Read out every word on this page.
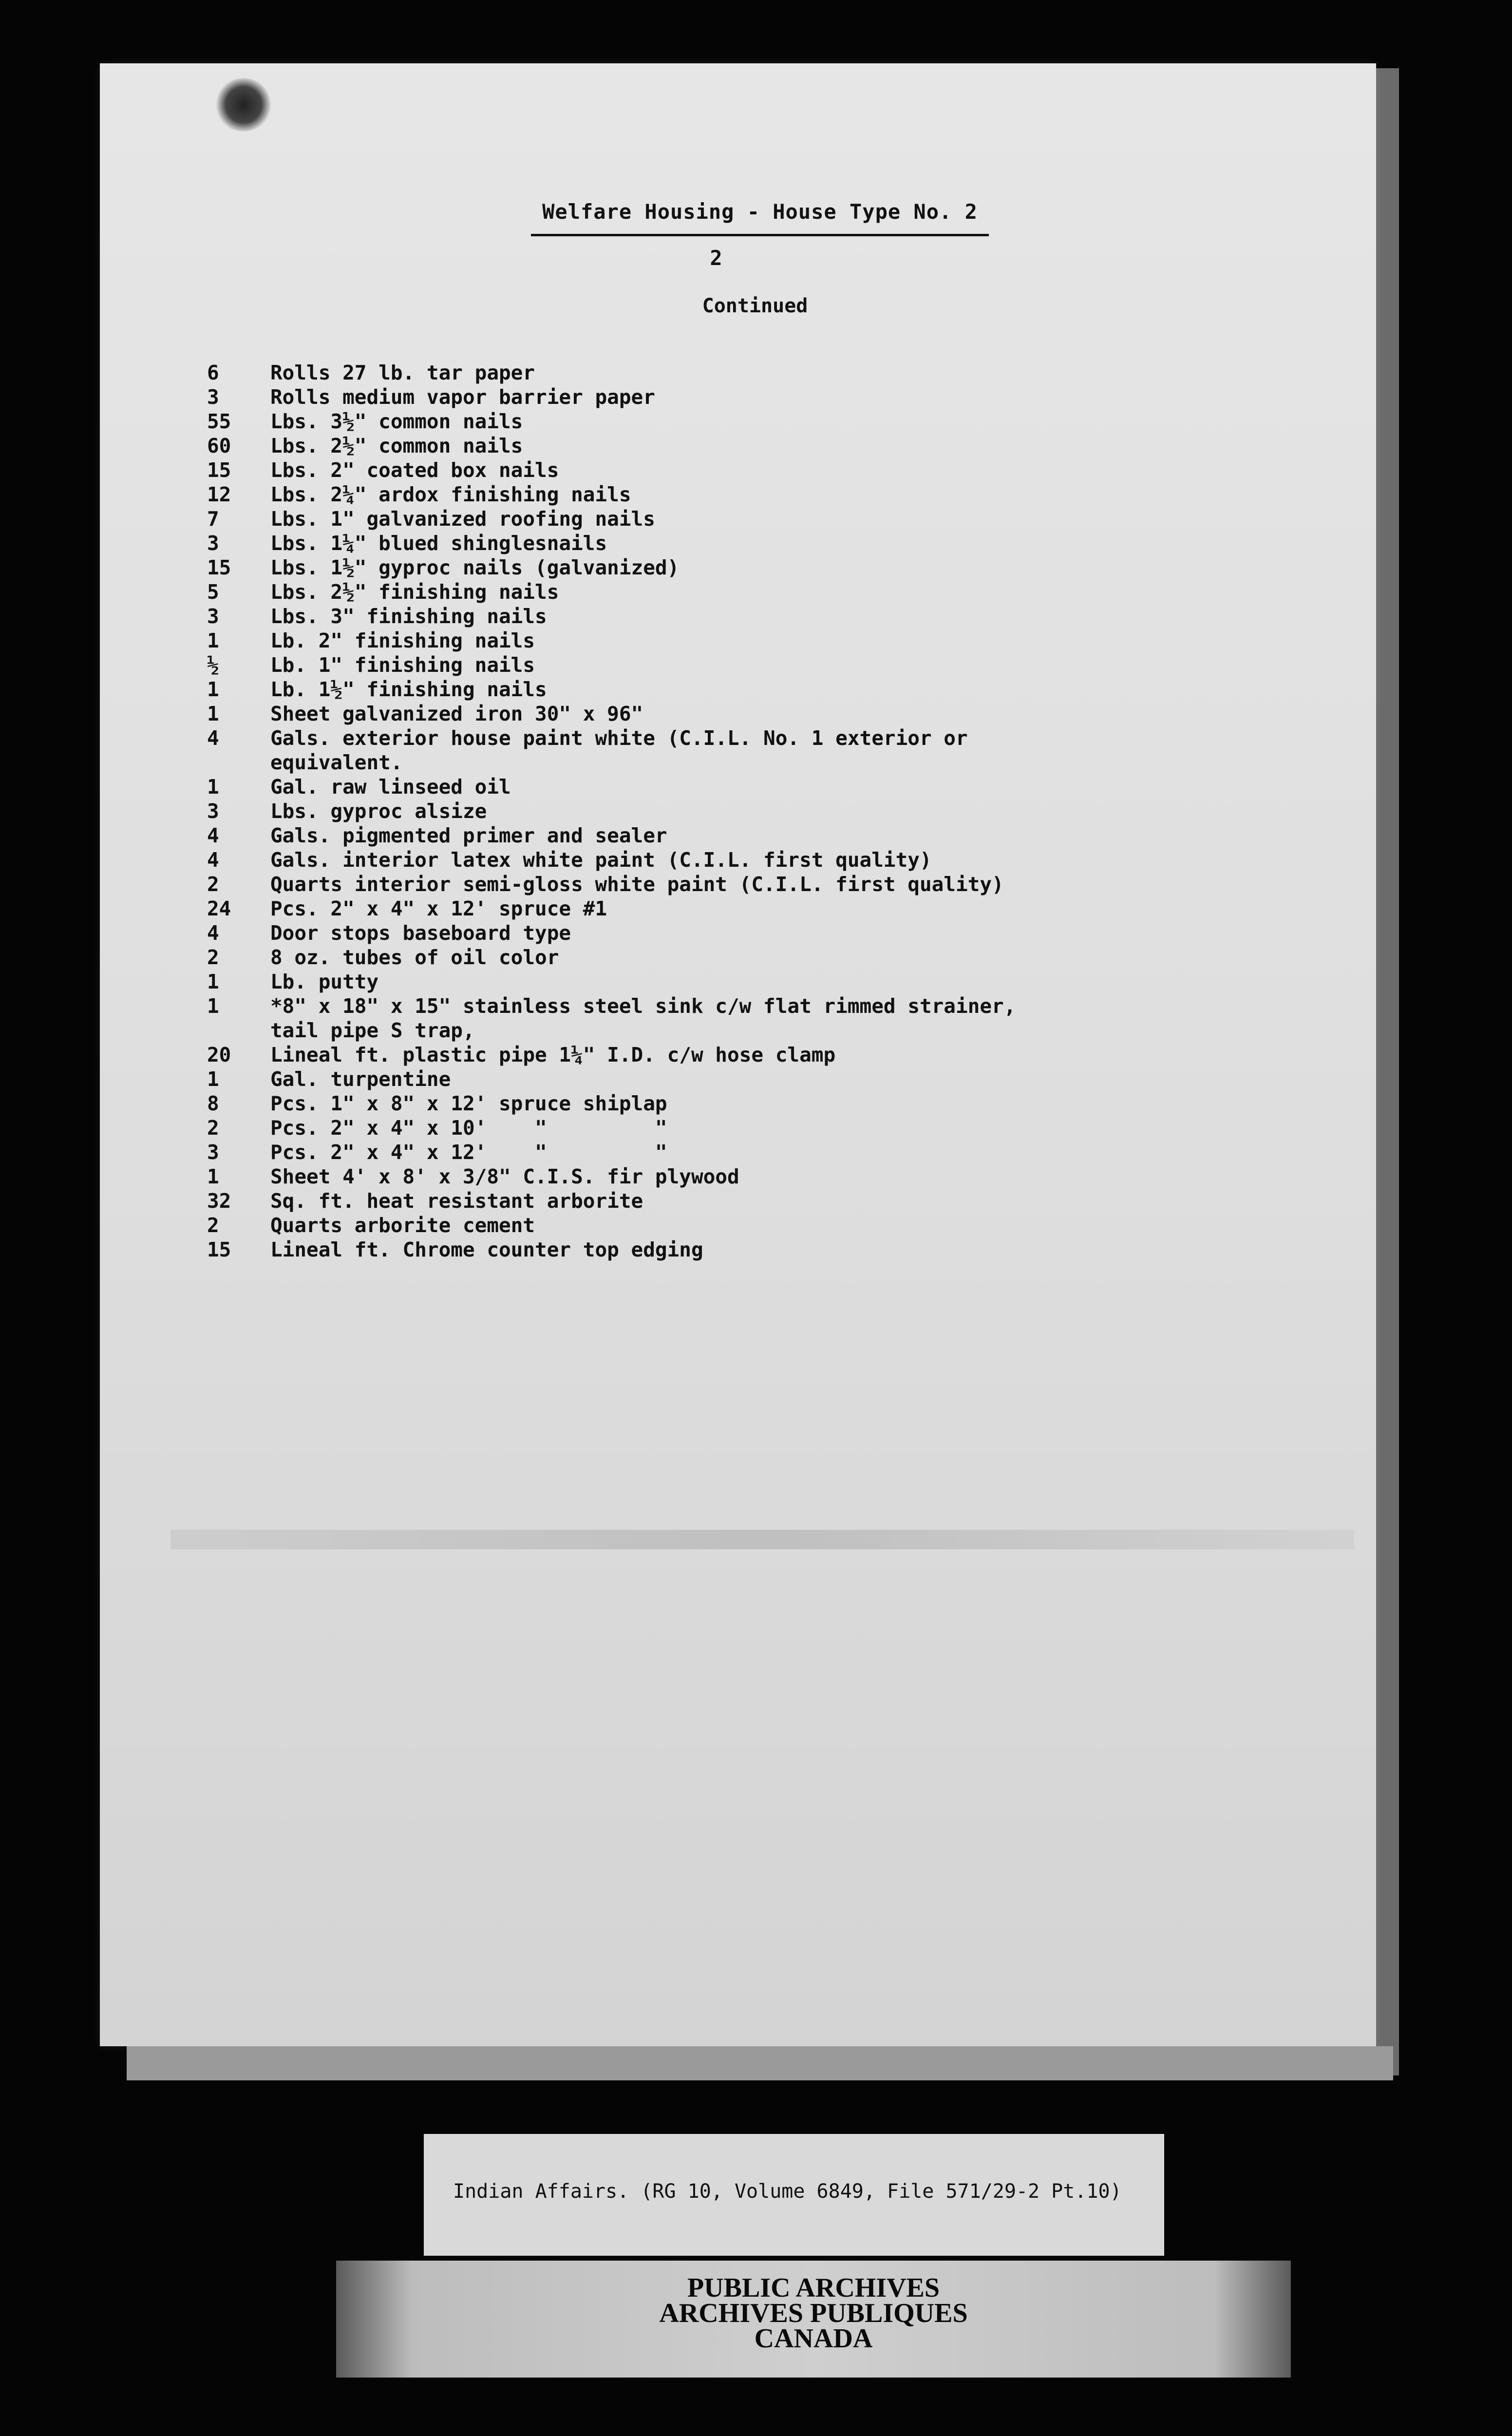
Welfare Housing - House Type No. 2
2
Continued
6	Rolls 27 lb. tar paper
3	Rolls medium vapor barrier paper
55	Lbs. 3½" common nails
60	Lbs. 2½" common nails
15	Lbs. 2" coated box nails
12	Lbs. 2¼" ardox finishing nails
7	Lbs. 1" galvanized roofing nails
3	Lbs. 1¼" blued shinglesnails
15	Lbs. 1½" gyproc nails (galvanized)
5	Lbs. 2½" finishing nails
3	Lbs. 3" finishing nails
1	Lb. 2" finishing nails
½	Lb. 1" finishing nails
1	Lb. 1½" finishing nails
1	Sheet galvanized iron 30" x 96"
4	Gals. exterior house paint white (C.I.L. No. 1 exterior or
equivalent.
1	Gal. raw linseed oil
3	Lbs. gyproc alsize
4	Gals. pigmented primer and sealer
4	Gals. interior latex white paint (C.I.L. first quality)
2	Quarts interior semi-gloss white paint (C.I.L. first quality)
24	Pcs. 2" x 4" x 12' spruce #1
4	Door stops baseboard type
2	8 oz. tubes of oil color
1	Lb. putty
1	*8" x 18" x 15" stainless steel sink c/w flat rimmed strainer,
tail pipe S trap,
20	Lineal ft. plastic pipe 1¼" I.D. c/w hose clamp
1	Gal. turpentine
8	Pcs. 1" x 8" x 12' spruce shiplap
2	Pcs. 2" x 4" x 10'    "         "
3	Pcs. 2" x 4" x 12'    "         "
1	Sheet 4' x 8' x 3/8" C.I.S. fir plywood
32	Sq. ft. heat resistant arborite
2	Quarts arborite cement
15	Lineal ft. Chrome counter top edging
Indian Affairs. (RG 10, Volume 6849, File 571/29-2 Pt.10)
PUBLIC ARCHIVES
ARCHIVES PUBLIQUES
CANADA
